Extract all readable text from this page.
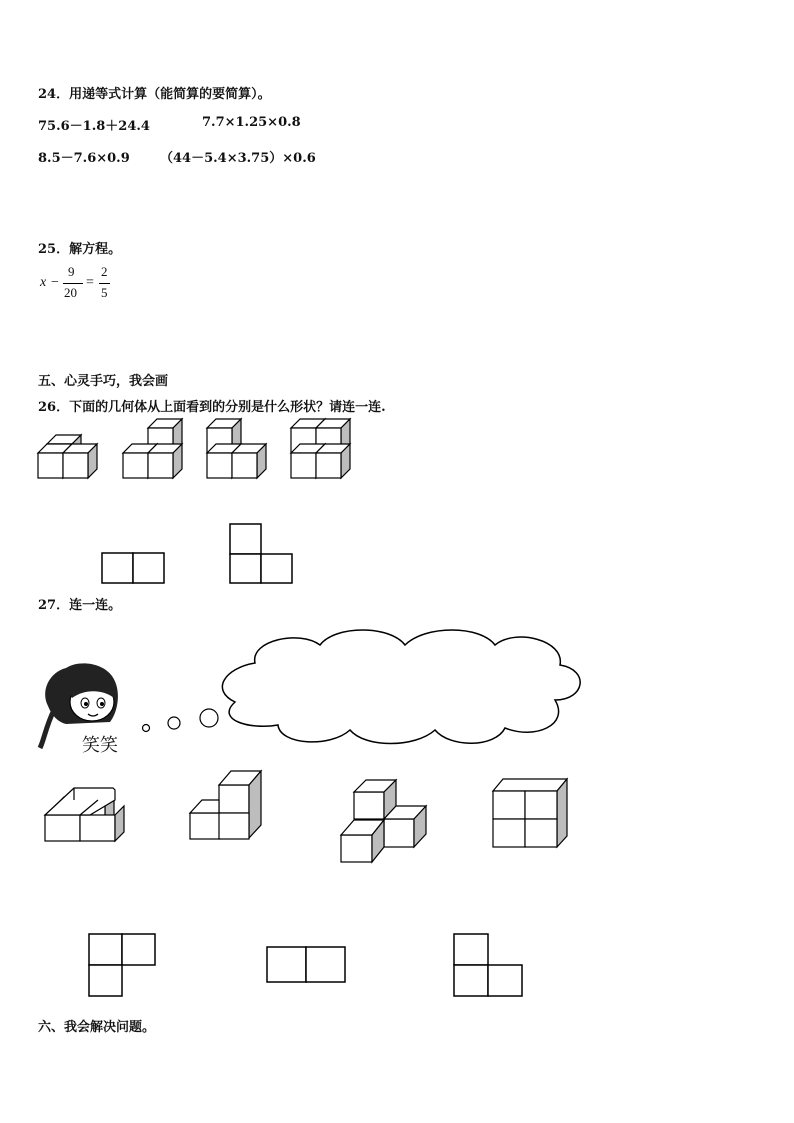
24．用递等式计算（能简算的要简算）。
75.6－1.8＋24.4	7.7×1.25×0.8
8.5－7.6×0.9 （44－5.4×3.75）×0.6
25．解方程。
x −
9
20
=
2
5
五、心灵手巧，我会画
26．下面的几何体从上面看到的分别是什么形状？请连一连.
27．连一连。
笑笑
六、我会解决问题。
